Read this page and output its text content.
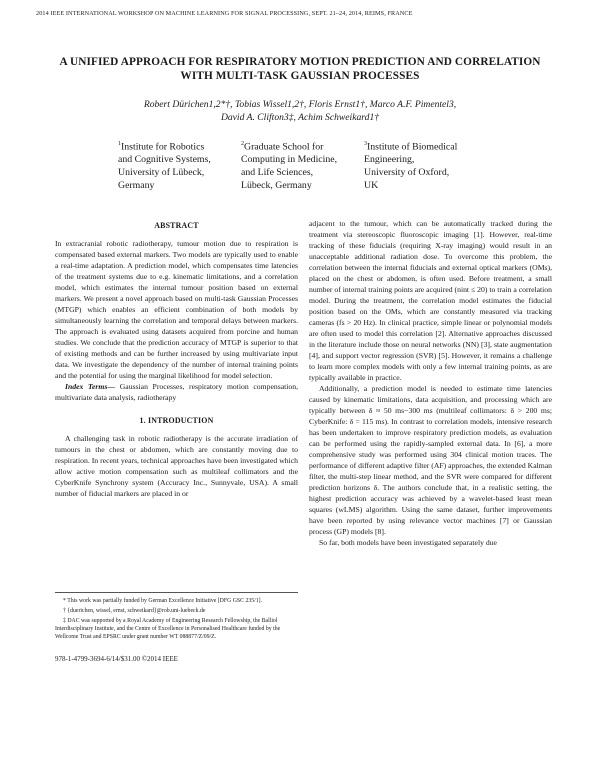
2014 IEEE INTERNATIONAL WORKSHOP ON MACHINE LEARNING FOR SIGNAL PROCESSING, SEPT. 21–24, 2014, REIMS, FRANCE
A UNIFIED APPROACH FOR RESPIRATORY MOTION PREDICTION AND CORRELATION
WITH MULTI-TASK GAUSSIAN PROCESSES
Robert Dürichen1,2*†, Tobias Wissel1,2†, Floris Ernst1†, Marco A.F. Pimentel3,
David A. Clifton3‡, Achim Schweikard1†
$^1$Institute for Robotics
and Cognitive Systems,
University of Lübeck,
Germany
$^2$Graduate School for
Computing in Medicine,
and Life Sciences,
Lübeck, Germany
$^3$Institute of Biomedical
Engineering,
University of Oxford,
UK
ABSTRACT

In extracranial robotic radiotherapy, tumour motion due to respiration is compensated based external markers. Two models are typically used to enable a real-time adaptation. A prediction model, which compensates time latencies of the treatment systems due to e.g. kinematic limitations, and a correlation model, which estimates the internal tumour position based on external markers. We present a novel approach based on multi-task Gaussian Processes (MTGP) which enables an efficient combination of both models by simultaneously learning the correlation and temporal delays between markers. The approach is evaluated using datasets acquired from porcine and human studies. We conclude that the prediction accuracy of MTGP is superior to that of existing methods and can be further increased by using multivariate input data. We investigate the dependency of the number of internal training points and the potential for using the marginal likelihood for model selection.

Index Terms— Gaussian Processes, respiratory motion compensation, multivariate data analysis, radiotherapy

1. INTRODUCTION

A challenging task in robotic radiotherapy is the accurate irradiation of tumours in the chest or abdomen, which are constantly moving due to respiration. In recent years, technical approaches have been investigated which allow active motion compensation such as multileaf collimators and the CyberKnife Synchrony system (Accuracy Inc., Sunnyvale, USA). A small number of fiducial markers are placed in or

* This work was partially funded by German Excellence Initiative [DFG GSC 235/1].

† {duerichen, wissel, ernst, schweikard}@rob.uni-luebeck.de

‡ DAC was supported by a Royal Academy of Engineering Research Fellowship, the Balliol Interdisciplinary Institute, and the Centre of Excellence in Personalised Healthcare funded by the Wellcome Trust and EPSRC under grant number WT 088877/Z/09/Z.

978-1-4799-3694-6/14/$31.00 ©2014 IEEE

adjacent to the tumour, which can be automatically tracked during the treatment via stereoscopic fluoroscopic imaging [1]. However, real-time tracking of these fiducials (requiring X-ray imaging) would result in an unacceptable additional radiation dose. To overcome this problem, the correlation between the internal fiducials and external optical markers (OMs), placed on the chest or abdomen, is often used. Before treatment, a small number of internal training points are acquired (nint ≤ 20) to train a correlation model. During the treatment, the correlation model estimates the fiducial position based on the OMs, which are constantly measured via tracking cameras (fs > 20 Hz). In clinical practice, simple linear or polynomial models are often used to model this correlation [2]. Alternative approaches discussed in the literature include those on neural networks (NN) [3], state augmentation [4], and support vector regression (SVR) [5]. However, it remains a challenge to learn more complex models with only a few internal training points, as are typically available in practice.

Additionally, a prediction model is needed to estimate time latencies caused by kinematic limitations, data acquisition, and processing which are typically between δ ≈ 50 ms−300 ms (multileaf collimators: δ > 200 ms; CyberKnife: δ = 115 ms). In contrast to correlation models, intensive research has been undertaken to improve respiratory prediction models, as evaluation can be performed using the rapidly-sampled external data. In [6], a more comprehensive study was performed using 304 clinical motion traces. The performance of different adaptive filter (AF) approaches, the extended Kalman filter, the multi-step linear method, and the SVR were compared for different prediction horizons δ. The authors conclude that, in a realistic setting, the highest prediction accuracy was achieved by a wavelet-based least mean squares (wLMS) algorithm. Using the same dataset, further improvements have been reported by using relevance vector machines [7] or Gaussian process (GP) models [8].

So far, both models have been investigated separately due
